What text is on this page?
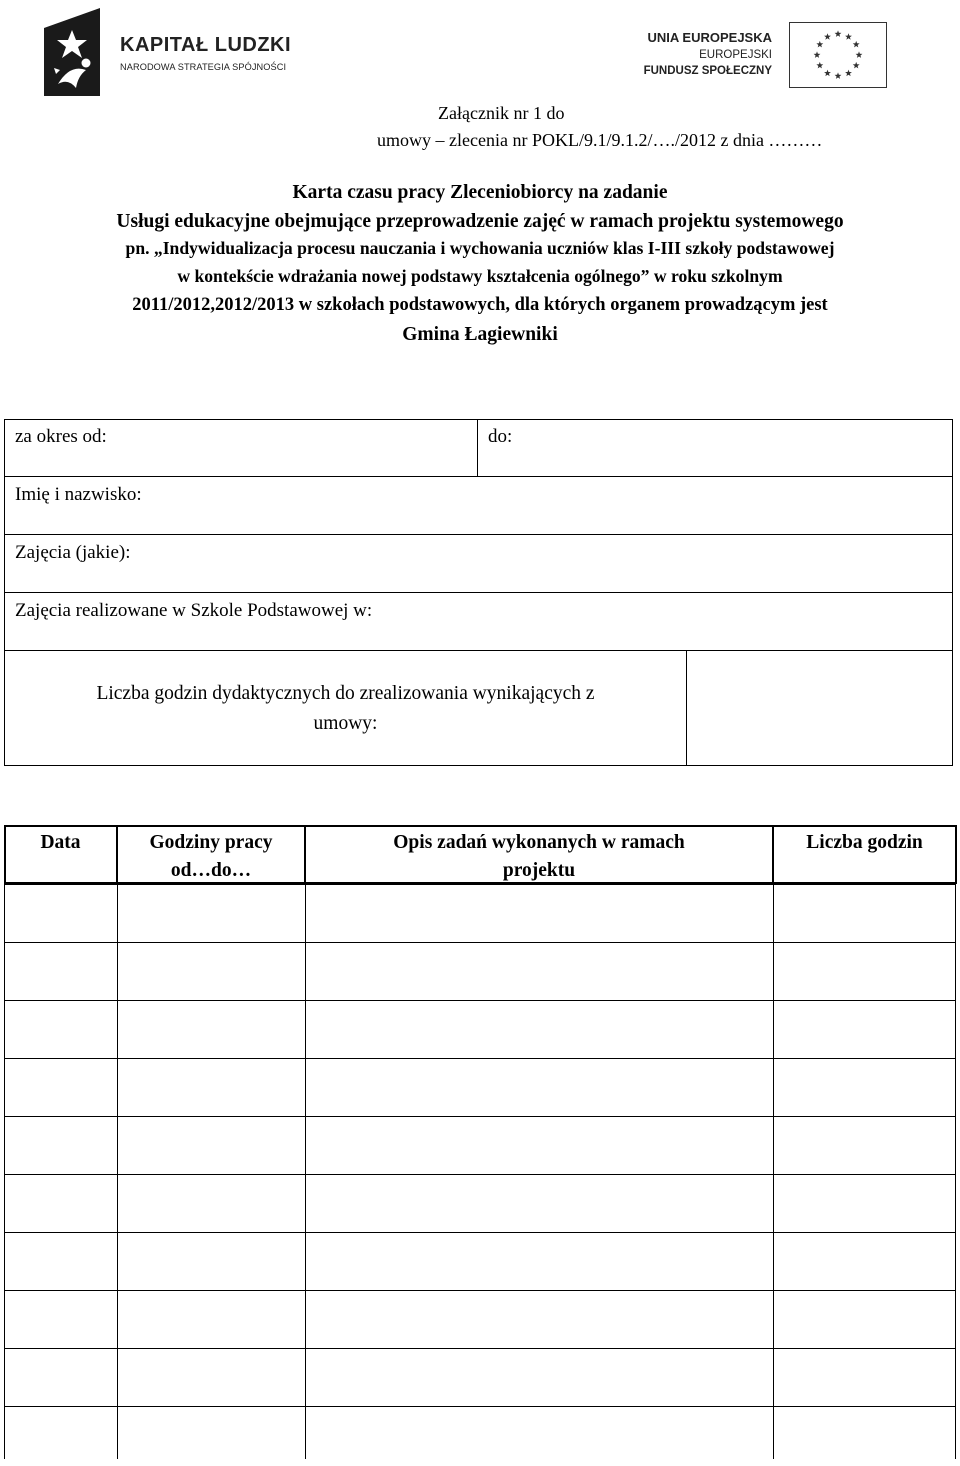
KAPITAŁ LUDZKI
NARODOWA STRATEGIA SPÓJNOŚCI
UNIA EUROPEJSKA
EUROPEJSKI
FUNDUSZ SPOŁECZNY
Załącznik nr 1 do
umowy – zlecenia nr POKL/9.1/9.1.2/…./2012 z dnia ………
Karta czasu pracy Zleceniobiorcy na zadanie
Usługi edukacyjne obejmujące przeprowadzenie zajęć w ramach projektu systemowego
pn. „Indywidualizacja procesu nauczania i wychowania uczniów klas I-III szkoły podstawowej
w kontekście wdrażania nowej podstawy kształcenia ogólnego” w roku szkolnym
2011/2012,2012/2013 w szkołach podstawowych, dla których organem prowadzącym jest
Gmina Łagiewniki
za okres od:	do:
Imię i nazwisko:
Zajęcia (jakie):
Zajęcia realizowane w Szkole Podstawowej w:
Liczba godzin dydaktycznych do zrealizowania wynikających z
umowy:
Data	Godziny pracy
od…do…
Opis zadań wykonanych w ramach
projektu
Liczba godzin
